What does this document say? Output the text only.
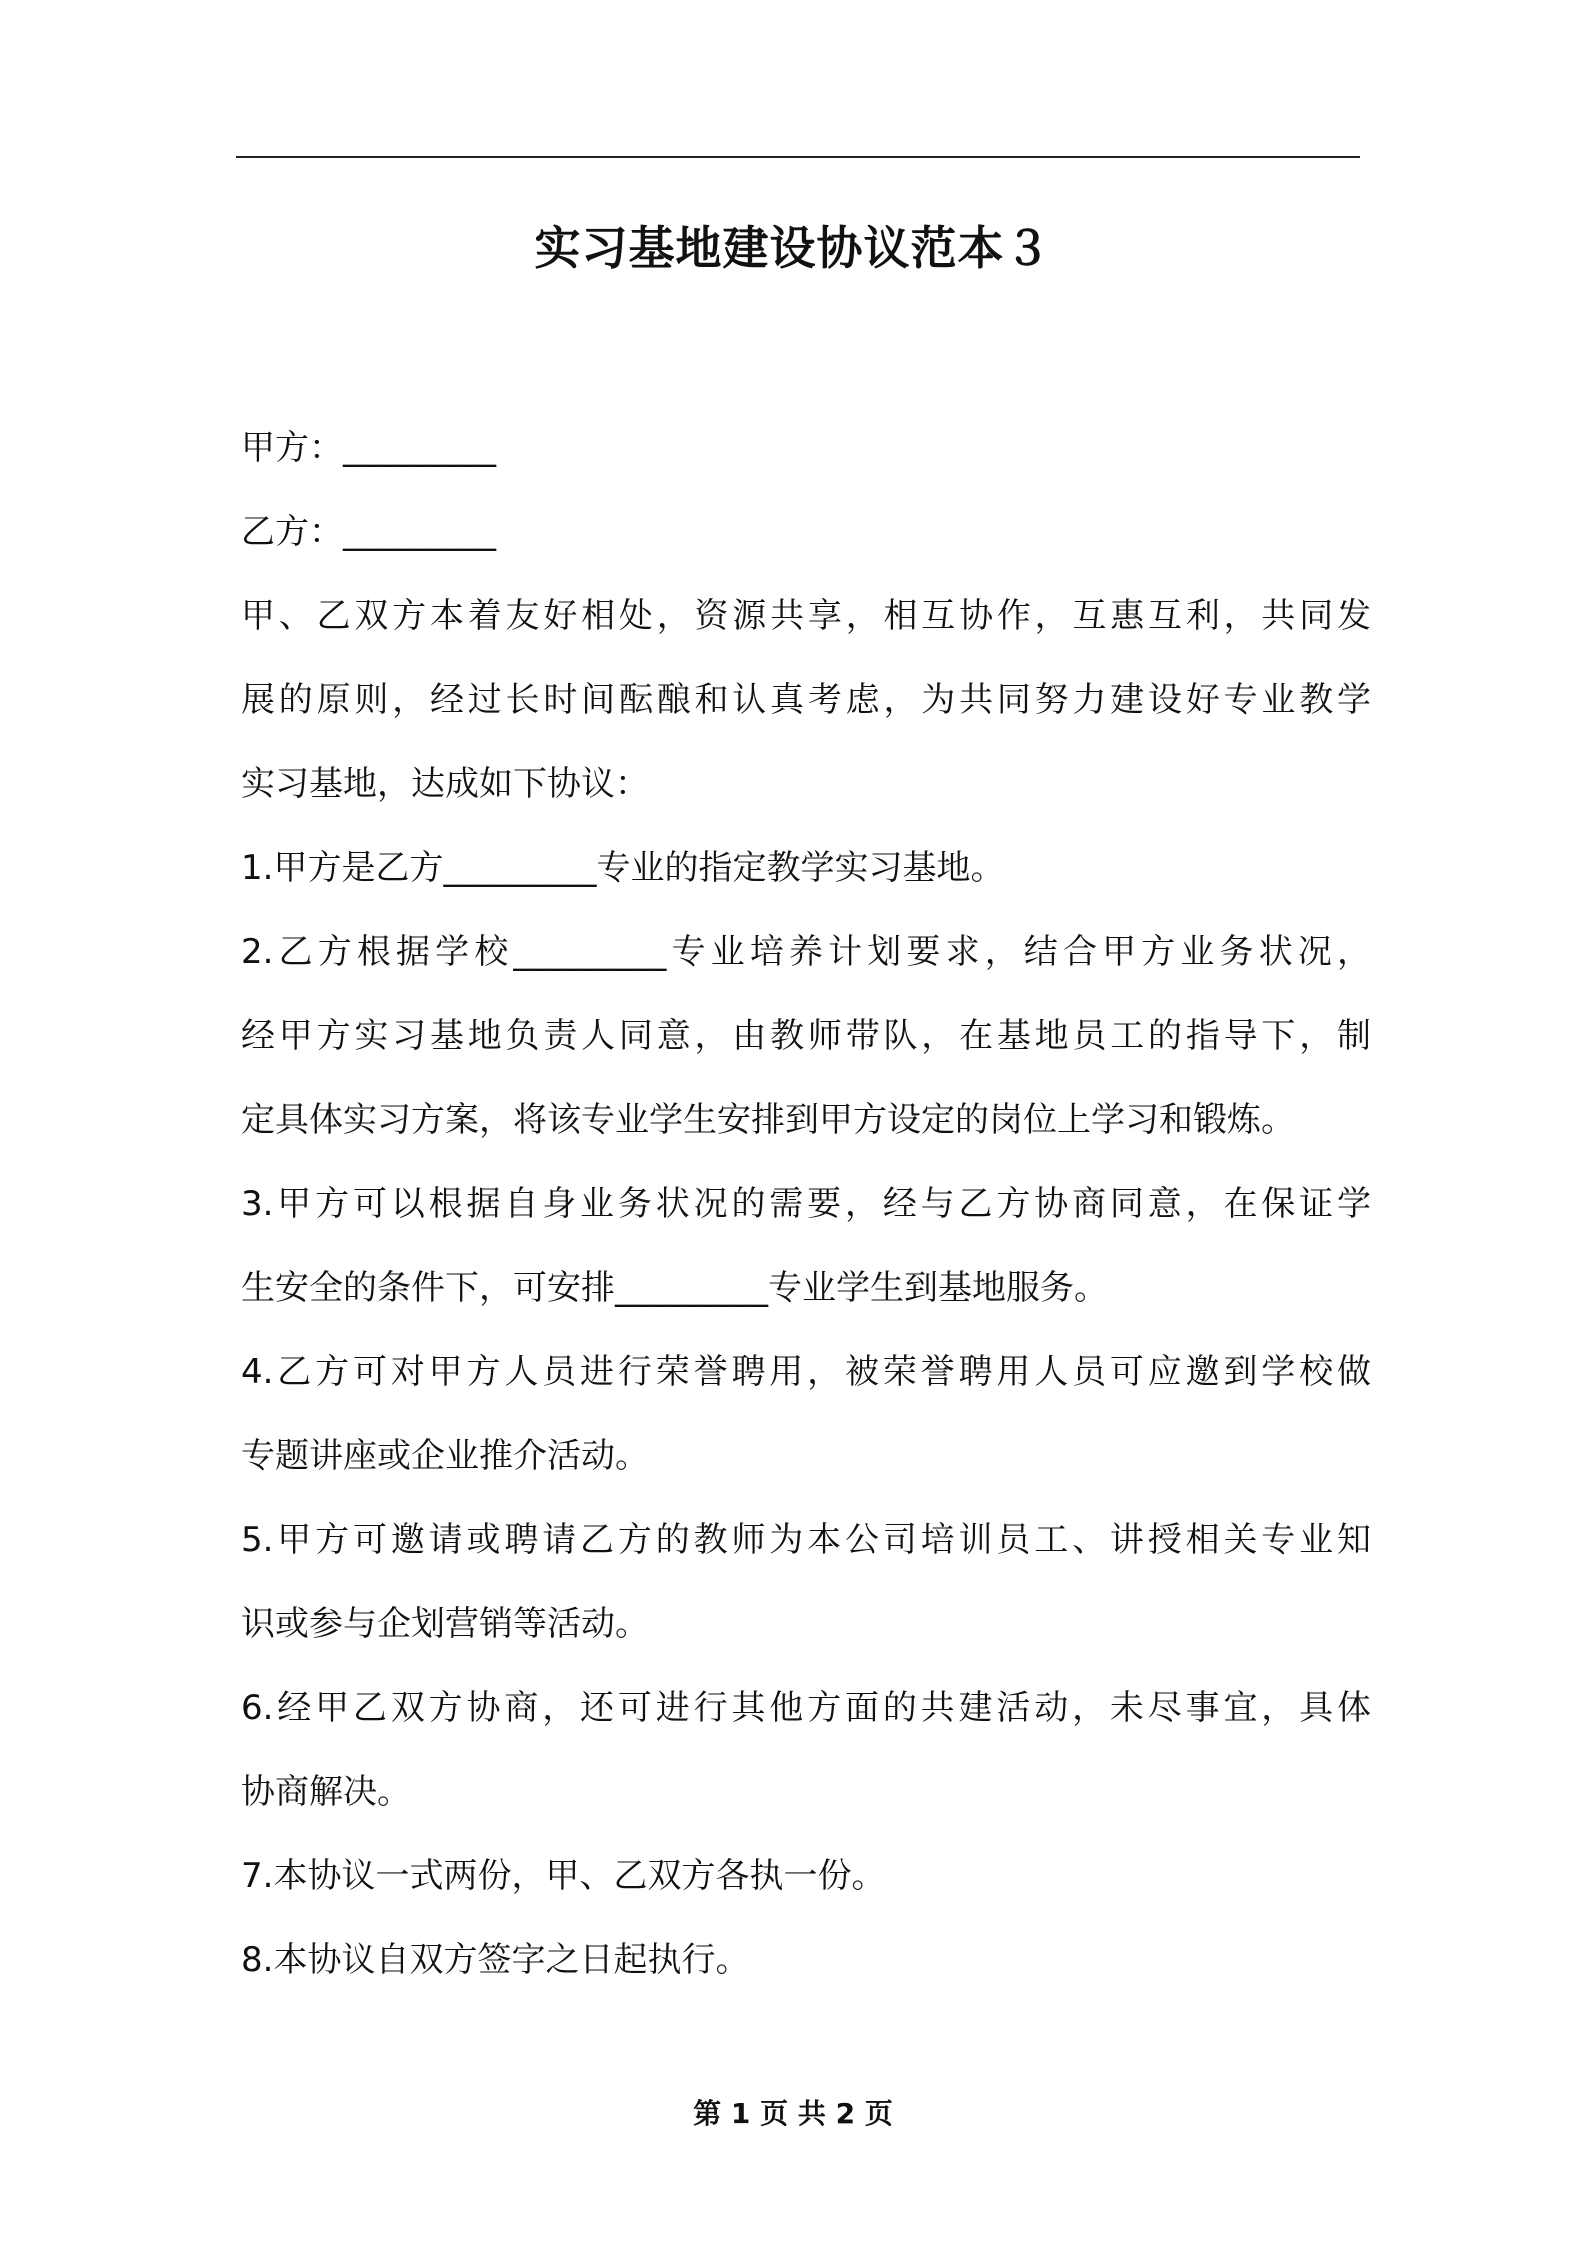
实习基地建设协议范本３
甲方：_________
乙方：_________
甲、乙双方本着友好相处，资源共享，相互协作，互惠互利，共同发
展的原则，经过长时间酝酿和认真考虑，为共同努力建设好专业教学
实习基地，达成如下协议：
1.甲方是乙方_________专业的指定教学实习基地。
2.乙方根据学校_________专业培养计划要求，结合甲方业务状况，
经甲方实习基地负责人同意，由教师带队，在基地员工的指导下，制
定具体实习方案，将该专业学生安排到甲方设定的岗位上学习和锻炼。
3.甲方可以根据自身业务状况的需要，经与乙方协商同意，在保证学
生安全的条件下，可安排_________专业学生到基地服务。
4.乙方可对甲方人员进行荣誉聘用，被荣誉聘用人员可应邀到学校做
专题讲座或企业推介活动。
5.甲方可邀请或聘请乙方的教师为本公司培训员工、讲授相关专业知
识或参与企划营销等活动。
6.经甲乙双方协商，还可进行其他方面的共建活动，未尽事宜，具体
协商解决。
7.本协议一式两份，甲、乙双方各执一份。
8.本协议自双方签字之日起执行。
第 1 页 共 2 页
